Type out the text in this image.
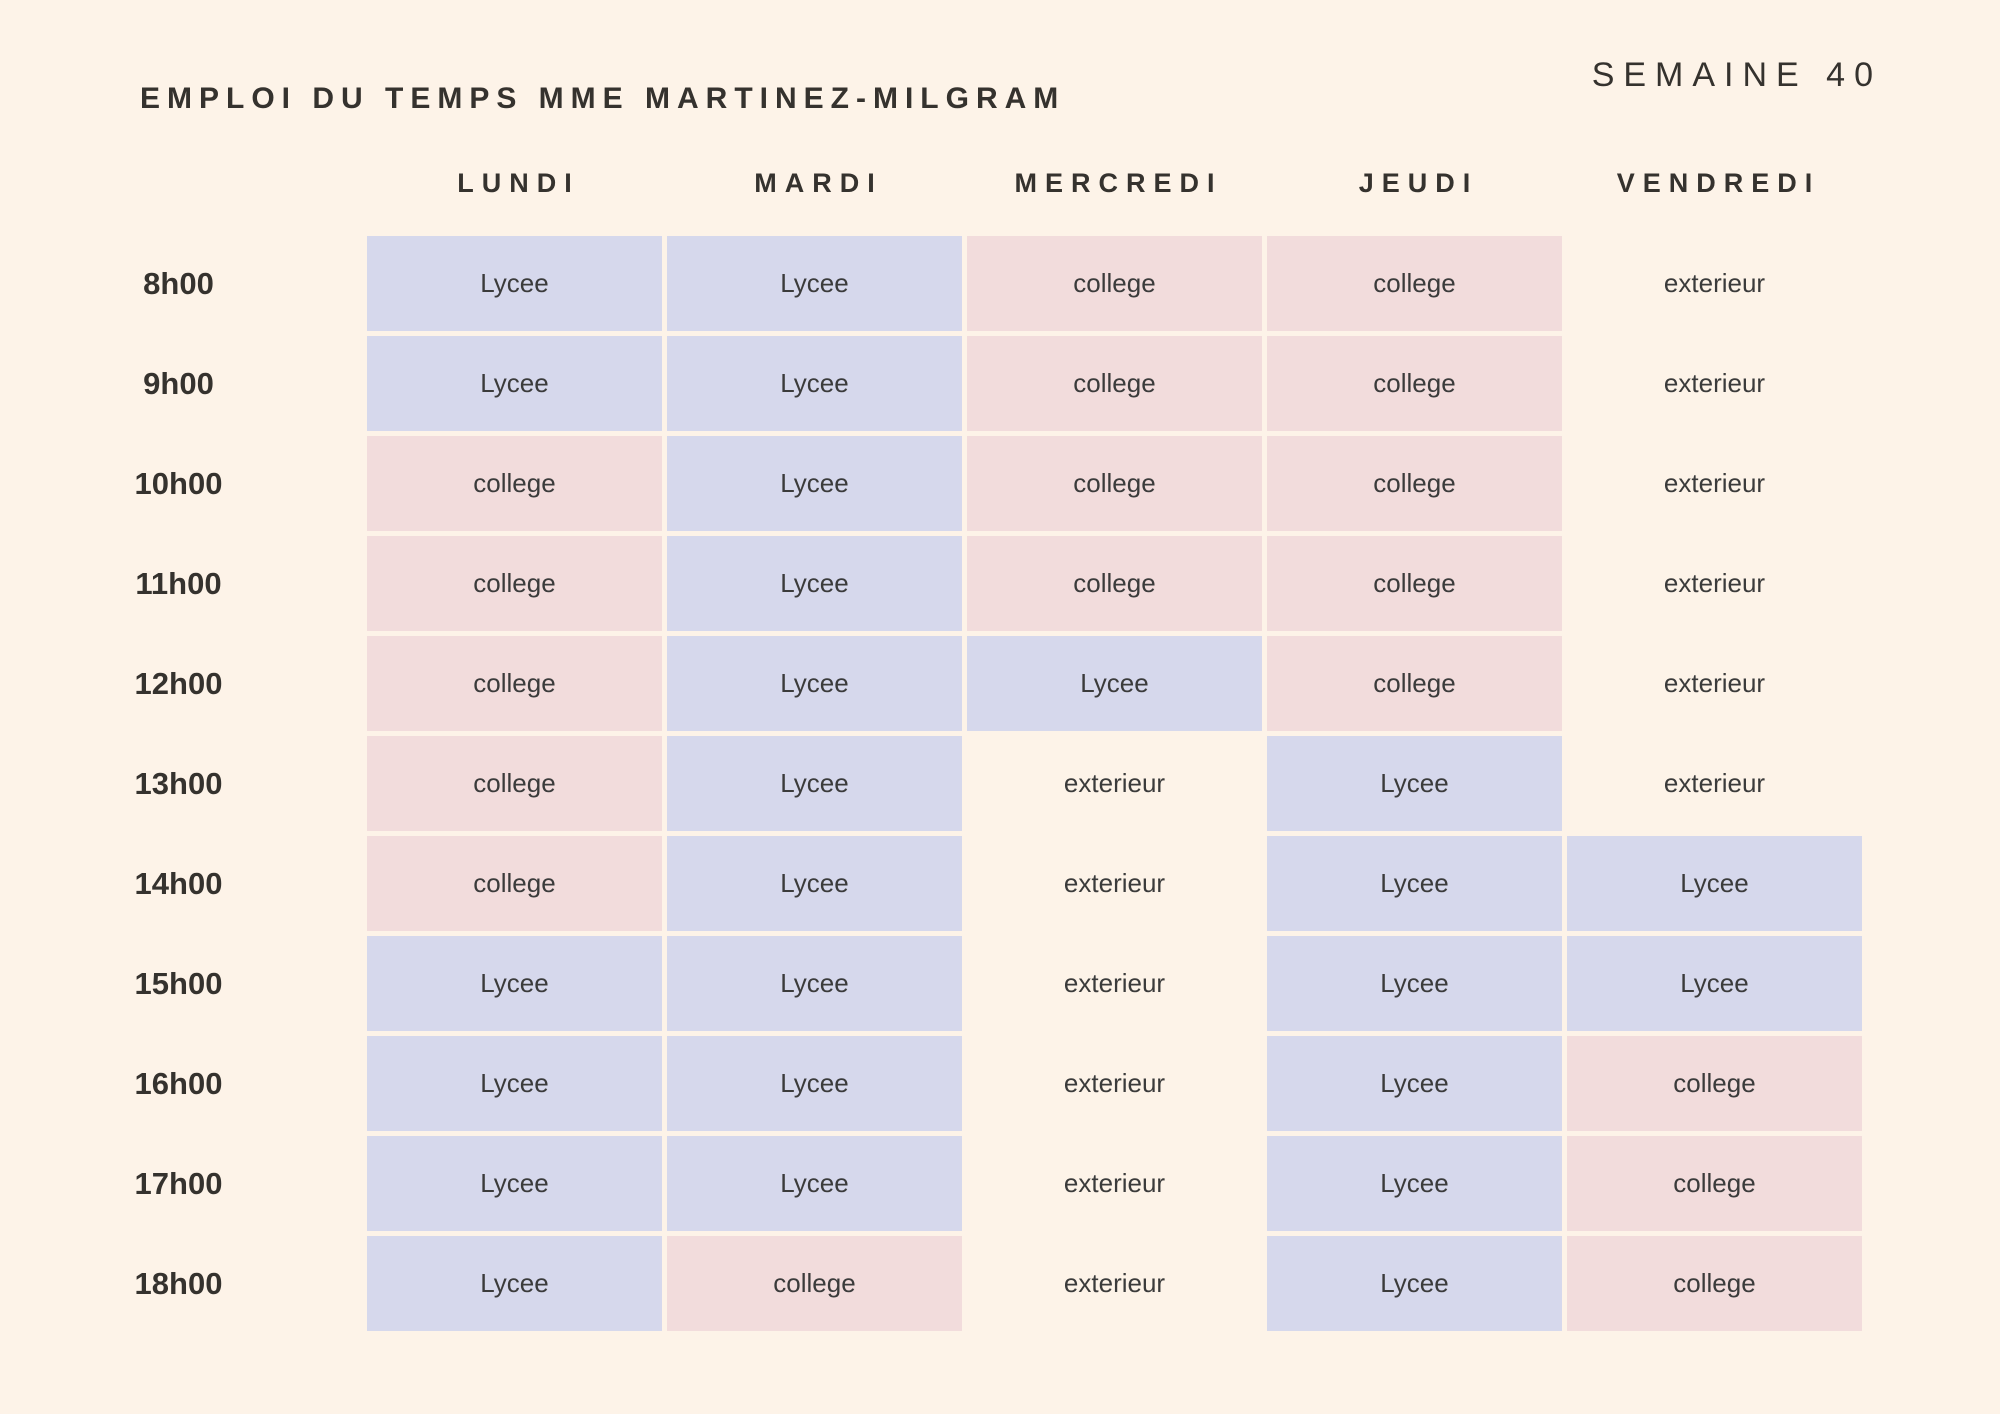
EMPLOI DU TEMPS MME MARTINEZ-MILGRAM
SEMAINE 40
LUNDI	MARDI	MERCREDI	JEUDI	VENDREDI
8h00	Lycee	Lycee	college	college	exterieur
9h00	Lycee	Lycee	college	college	exterieur
10h00	college	Lycee	college	college	exterieur
11h00	college	Lycee	college	college	exterieur
12h00	college	Lycee	Lycee	college	exterieur
13h00	college	Lycee	exterieur	Lycee	exterieur
14h00	college	Lycee	exterieur	Lycee	Lycee
15h00	Lycee	Lycee	exterieur	Lycee	Lycee
16h00	Lycee	Lycee	exterieur	Lycee	college
17h00	Lycee	Lycee	exterieur	Lycee	college
18h00	Lycee	college	exterieur	Lycee	college
